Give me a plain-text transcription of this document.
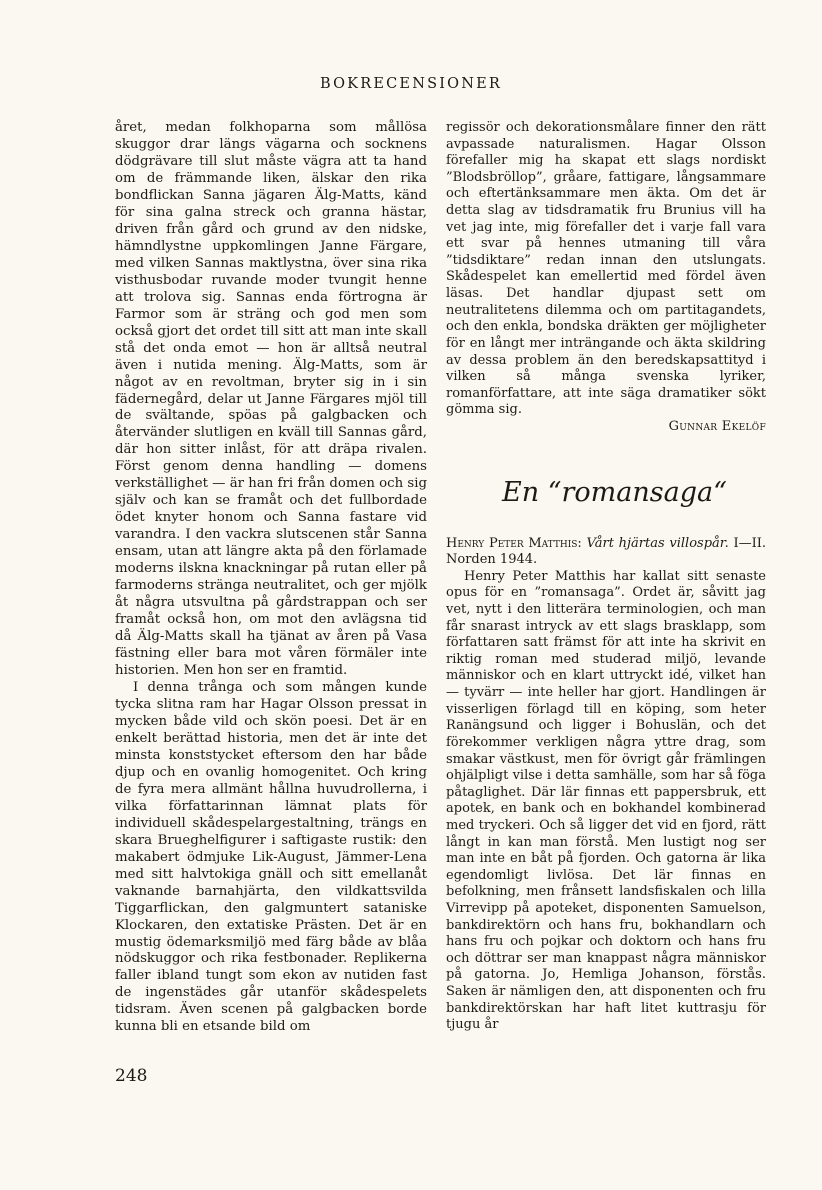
BOKRECENSIONER

året, medan folkhoparna som mållösa skuggor drar längs vägarna och socknens dödgrävare till slut måste vägra att ta hand om de främmande liken, älskar den rika bondflickan Sanna jägaren Älg-Matts, känd för sina galna streck och granna hästar, driven från gård och grund av den nidske, hämndlystne uppkomlingen Janne Färgare, med vilken Sannas maktlystna, över sina rika visthusbodar ruvande moder tvungit henne att trolova sig. Sannas enda förtrogna är Farmor som är sträng och god men som också gjort det ordet till sitt att man inte skall stå det onda emot — hon är alltså neutral även i nutida mening. Älg-Matts, som är något av en revoltman, bryter sig in i sin fädernegård, delar ut Janne Färgares mjöl till de svältande, spöas på galgbacken och återvänder slutligen en kväll till Sannas gård, där hon sitter inlåst, för att dräpa rivalen. Först genom denna handling — domens verkställighet — är han fri från domen och sig själv och kan se framåt och det fullbordade ödet knyter honom och Sanna fastare vid varandra. I den vackra slutscenen står Sanna ensam, utan att längre akta på den förlamade moderns ilskna knackningar på rutan eller på farmoderns stränga neutralitet, och ger mjölk åt några utsvultna på gårdstrappan och ser framåt också hon, om mot den avlägsna tid då Älg-Matts skall ha tjänat av åren på Vasa fästning eller bara mot våren förmäler inte historien. Men hon ser en framtid.

I denna trånga och som mången kunde tycka slitna ram har Hagar Olsson pressat in mycken både vild och skön poesi. Det är en enkelt berättad historia, men det är inte det minsta konststycket eftersom den har både djup och en ovanlig homogenitet. Och kring de fyra mera allmänt hållna huvudrollerna, i vilka författarinnan lämnat plats för individuell skådespelargestaltning, trängs en skara Brueghelfigurer i saftigaste rustik: den makabert ödmjuke Lik-August, Jämmer-Lena med sitt halvtokiga gnäll och sitt emellanåt vaknande barnahjärta, den vildkattsvilda Tiggarflickan, den galgmuntert sataniske Klockaren, den extatiske Prästen. Det är en mustig ödemarksmiljö med färg både av blåa nödskuggor och rika festbonader. Replikerna faller ibland tungt som ekon av nutiden fast de ingenstädes går utanför skådespelets tidsram. Även scenen på galgbacken borde kunna bli en etsande bild om

regissör och dekorationsmålare finner den rätt avpassade naturalismen. Hagar Olsson förefaller mig ha skapat ett slags nordiskt ”Blodsbröllop”, gråare, fattigare, långsammare och eftertänksammare men äkta. Om det är detta slag av tidsdramatik fru Brunius vill ha vet jag inte, mig förefaller det i varje fall vara ett svar på hennes utmaning till våra ”tidsdiktare” redan innan den utslungats. Skådespelet kan emellertid med fördel även läsas. Det handlar djupast sett om neutralitetens dilemma och om partitagandets, och den enkla, bondska dräkten ger möjligheter för en långt mer inträngande och äkta skildring av dessa problem än den beredskapsattityd i vilken så många svenska lyriker, romanförfattare, att inte säga dramatiker sökt gömma sig.

Gunnar Ekelöf
En “romansaga“

Henry Peter Matthis: Vårt hjärtas villospår. I—II. Norden 1944.

Henry Peter Matthis har kallat sitt senaste opus för en ”romansaga”. Ordet är, såvitt jag vet, nytt i den litterära terminologien, och man får snarast intryck av ett slags brasklapp, som författaren satt främst för att inte ha skrivit en riktig roman med studerad miljö, levande människor och en klart uttryckt idé, vilket han — tyvärr — inte heller har gjort. Handlingen är visserligen förlagd till en köping, som heter Ranängsund och ligger i Bohuslän, och det förekommer verkligen några yttre drag, som smakar västkust, men för övrigt går främlingen ohjälpligt vilse i detta samhälle, som har så föga påtaglighet. Där lär finnas ett pappersbruk, ett apotek, en bank och en bokhandel kombinerad med tryckeri. Och så ligger det vid en fjord, rätt långt in kan man förstå. Men lustigt nog ser man inte en båt på fjorden. Och gatorna är lika egendomligt livlösa. Det lär finnas en befolkning, men frånsett landsfiskalen och lilla Virrevipp på apoteket, disponenten Samuelson, bankdirektörn och hans fru, bokhandlarn och hans fru och pojkar och doktorn och hans fru och döttrar ser man knappast några människor på gatorna. Jo, Hemliga Johanson, förstås. Saken är nämligen den, att disponenten och fru bankdirektörskan har haft litet kuttrasju för tjugu år

248
